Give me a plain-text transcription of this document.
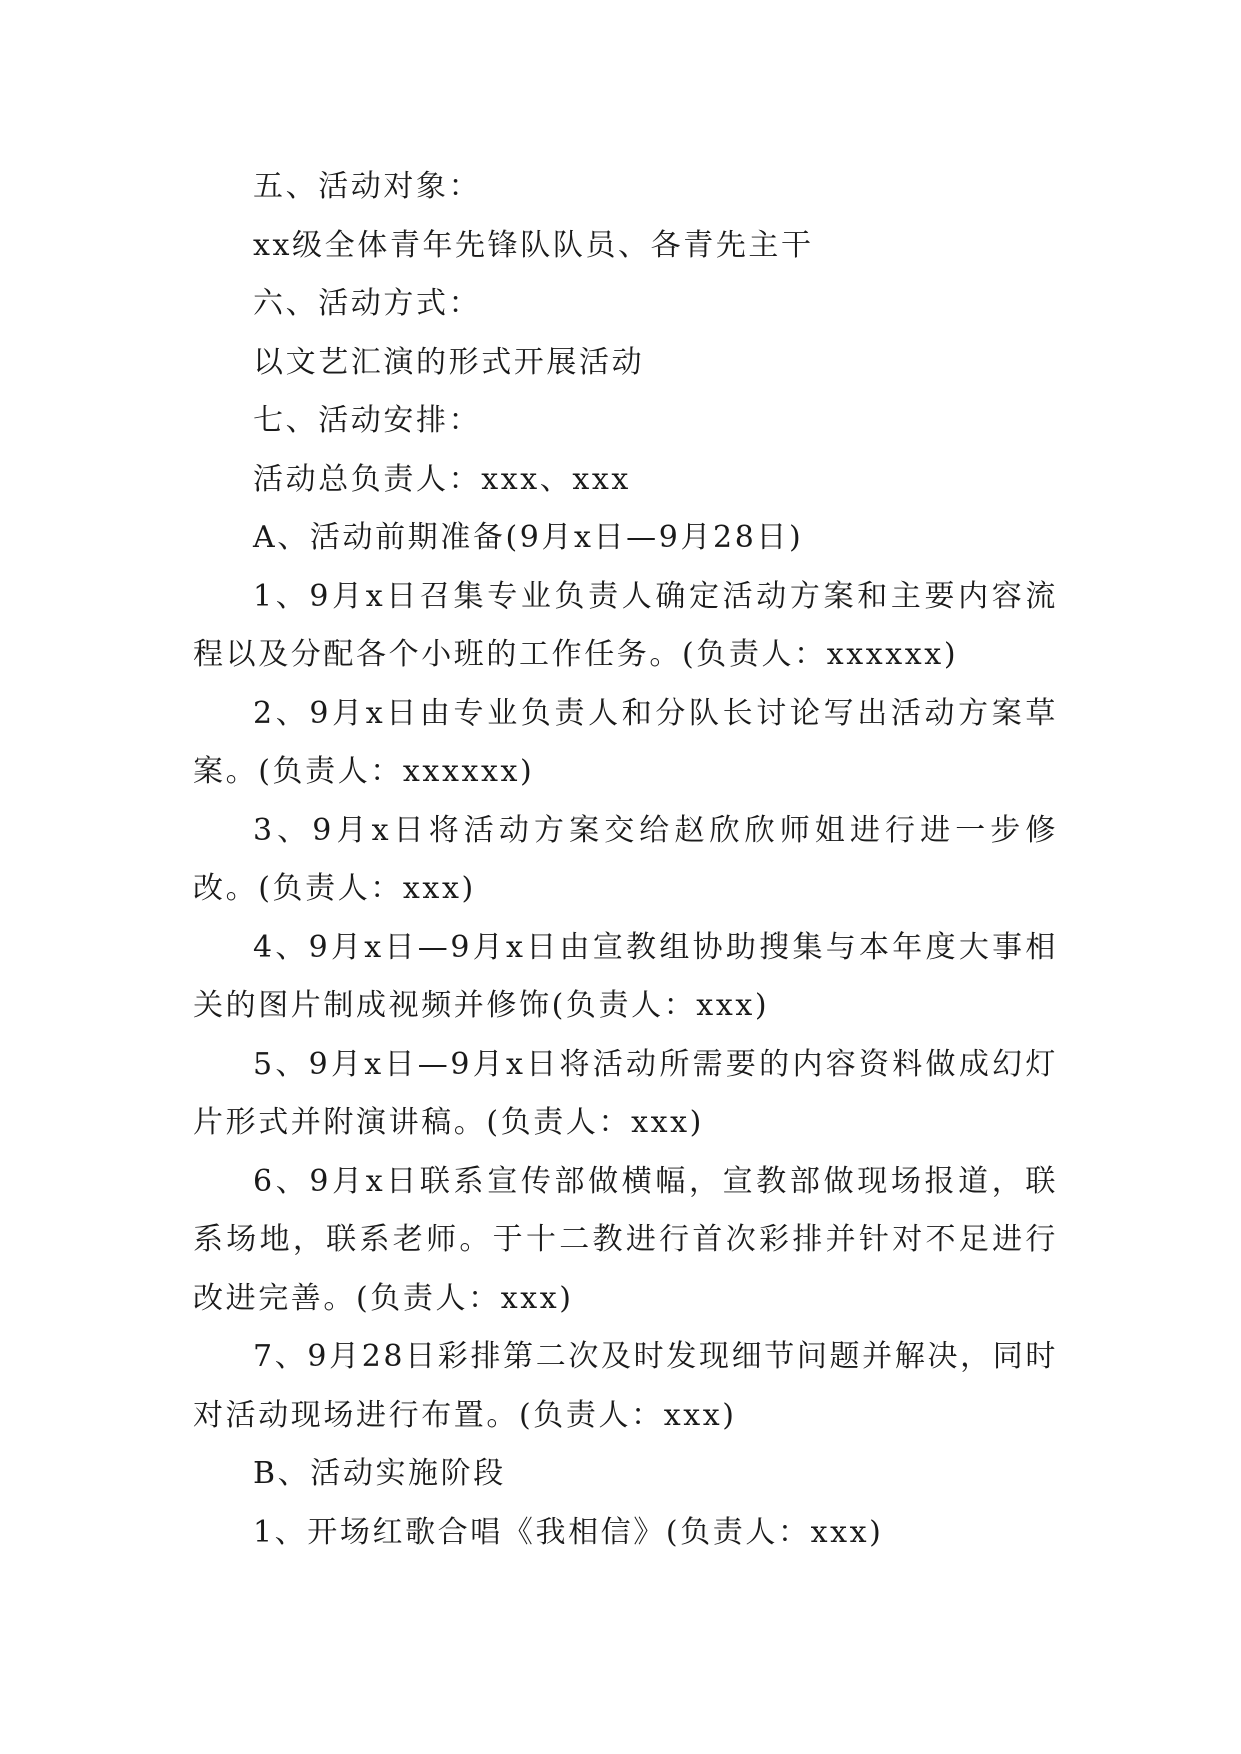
五、活动对象：

xx级全体青年先锋队队员、各青先主干

六、活动方式：

以文艺汇演的形式开展活动

七、活动安排：

活动总负责人：xxx、xxx

A、活动前期准备(9月x日—9月28日)

1、9月x日召集专业负责人确定活动方案和主要内容流程以及分配各个小班的工作任务。(负责人：xxxxxx)

2、9月x日由专业负责人和分队长讨论写出活动方案草案。(负责人：xxxxxx)

3、9月x日将活动方案交给赵欣欣师姐进行进一步修改。(负责人：xxx)

4、9月x日—9月x日由宣教组协助搜集与本年度大事相关的图片制成视频并修饰(负责人：xxx)

5、9月x日—9月x日将活动所需要的内容资料做成幻灯片形式并附演讲稿。(负责人：xxx)

6、9月x日联系宣传部做横幅，宣教部做现场报道，联系场地，联系老师。于十二教进行首次彩排并针对不足进行改进完善。(负责人：xxx)

7、9月28日彩排第二次及时发现细节问题并解决，同时对活动现场进行布置。(负责人：xxx)

B、活动实施阶段

1、开场红歌合唱《我相信》(负责人：xxx)
